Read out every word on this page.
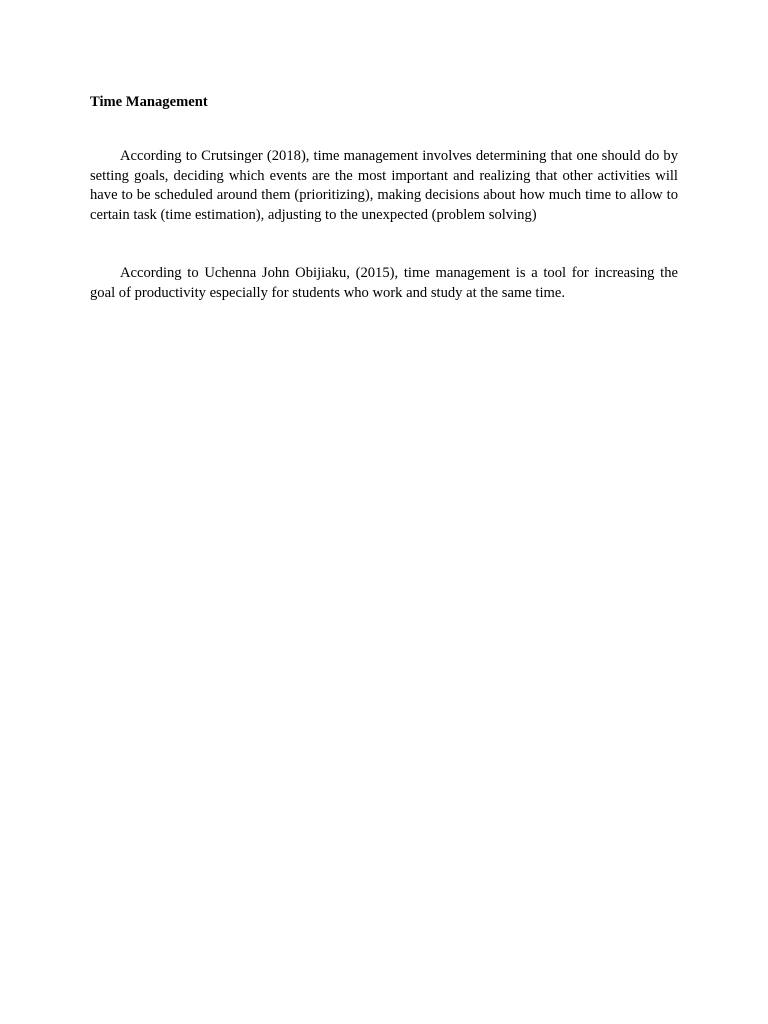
Time Management

According to Crutsinger (2018), time management involves determining that one should do by setting goals, deciding which events are the most important and realizing that other activities will have to be scheduled around them (prioritizing), making decisions about how much time to allow to certain task (time estimation), adjusting to the unexpected (problem solving)

According to Uchenna John Obijiaku, (2015), time management is a tool for increasing the goal of productivity especially for students who work and study at the same time.
